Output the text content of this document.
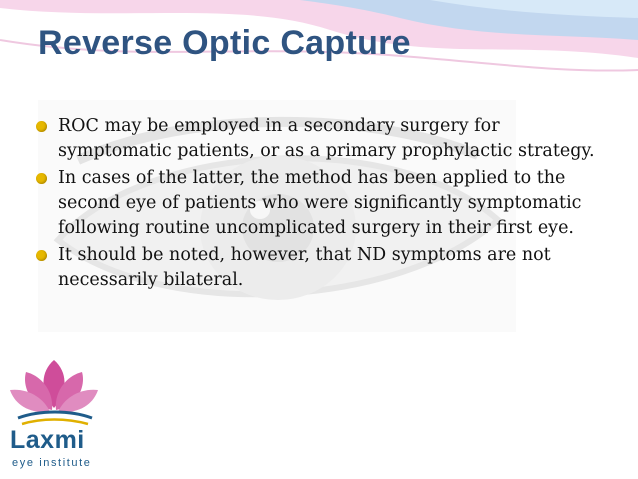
Reverse Optic Capture
ROC may be employed in a secondary surgery for symptomatic patients, or as a primary prophylactic strategy.
In cases of the latter, the method has been applied to the second eye of patients who were significantly symptomatic following routine uncomplicated surgery in their first eye.
It should be noted, however, that ND symptoms are not necessarily bilateral.
Laxmi
eye institute
